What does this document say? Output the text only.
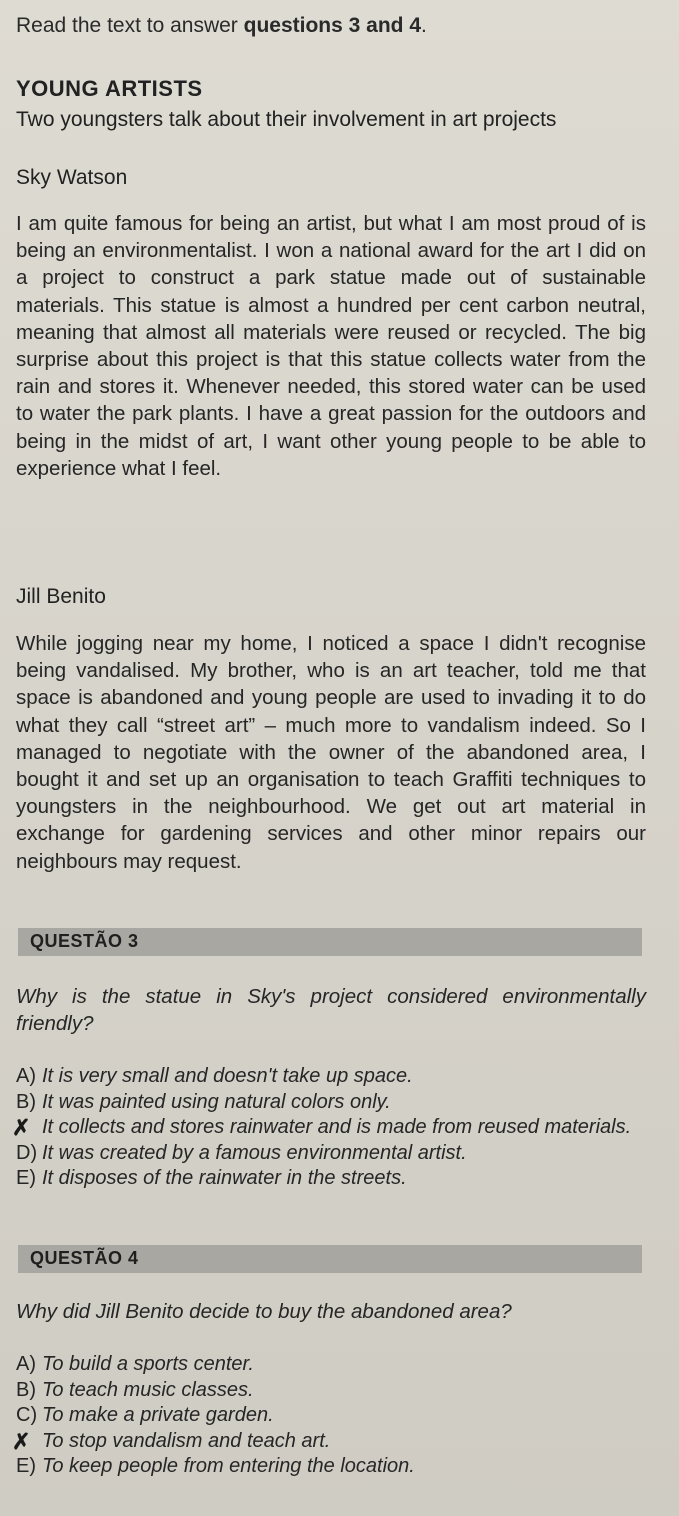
Read the text to answer questions 3 and 4.
YOUNG ARTISTS
Two youngsters talk about their involvement in art projects
Sky Watson
I am quite famous for being an artist, but what I am most proud of is being an environmentalist. I won a national award for the art I did on a project to construct a park statue made out of sustainable materials. This statue is almost a hundred per cent carbon neutral, meaning that almost all materials were reused or recycled. The big surprise about this project is that this statue collects water from the rain and stores it. Whenever needed, this stored water can be used to water the park plants. I have a great passion for the outdoors and being in the midst of art, I want other young people to be able to experience what I feel.
Jill Benito
While jogging near my home, I noticed a space I didn't recognise being vandalised. My brother, who is an art teacher, told me that space is abandoned and young people are used to invading it to do what they call “street art” – much more to vandalism indeed. So I managed to negotiate with the owner of the abandoned area, I bought it and set up an organisation to teach Graffiti techniques to youngsters in the neighbourhood. We get out art material in exchange for gardening services and other minor repairs our neighbours may request.
QUESTÃO 3
Why is the statue in Sky's project considered environmentally friendly?
A) It is very small and doesn't take up space.
B) It was painted using natural colors only.
✗ It collects and stores rainwater and is made from reused materials.
D) It was created by a famous environmental artist.
E) It disposes of the rainwater in the streets.
QUESTÃO 4
Why did Jill Benito decide to buy the abandoned area?
A) To build a sports center.
B) To teach music classes.
C) To make a private garden.
✗ To stop vandalism and teach art.
E) To keep people from entering the location.
